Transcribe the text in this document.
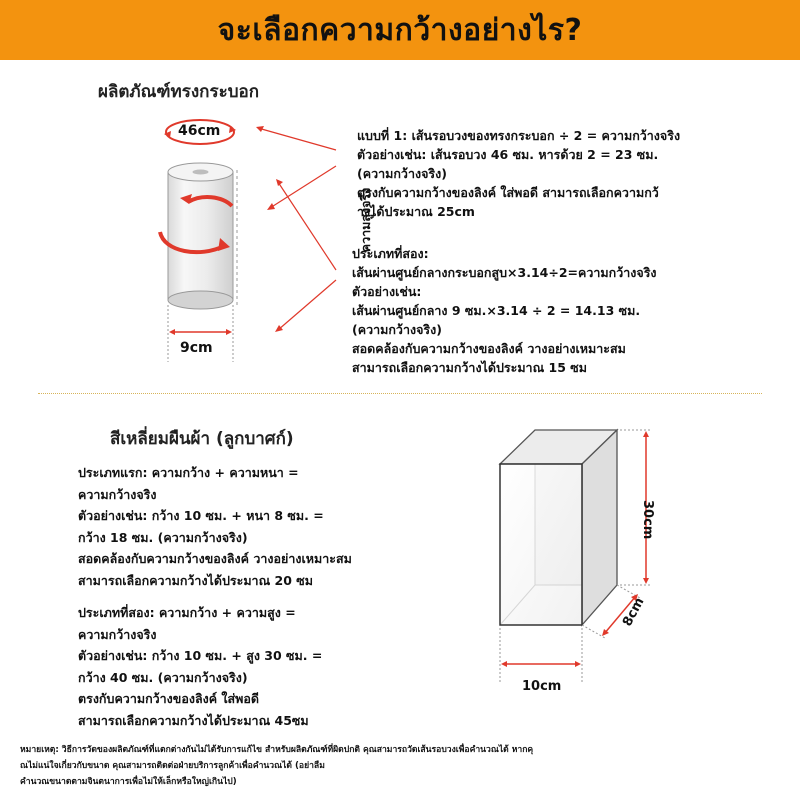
จะเลือกความกว้างอย่างไร?
ผลิตภัณฑ์ทรงกระบอก
46cm
9cm
ความสูงจริง
แบบที่ 1: เส้นรอบวงของทรงกระบอก ÷ 2 = ความกว้างจริง
ตัวอย่างเช่น: เส้นรอบวง 46 ซม. หารด้วย 2 = 23 ซม.
(ความกว้างจริง)
ตรงกับความกว้างของลิงค์ ใส่พอดี สามารถเลือกความกว้
างได้ประมาณ 25cm
ประเภทที่สอง:
เส้นผ่านศูนย์กลางกระบอกสูบ×3.14÷2=ความกว้างจริง
ตัวอย่างเช่น:
เส้นผ่านศูนย์กลาง 9 ซม.×3.14 ÷ 2 = 14.13 ซม.
(ความกว้างจริง)
สอดคล้องกับความกว้างของลิงค์ วางอย่างเหมาะสม
สามารถเลือกความกว้างได้ประมาณ 15 ซม
สีเหลี่ยมผืนผ้า (ลูกบาศก์)
ประเภทแรก: ความกว้าง + ความหนา =
ความกว้างจริง
ตัวอย่างเช่น: กว้าง 10 ซม. + หนา 8 ซม. =
กว้าง 18 ซม. (ความกว้างจริง)
สอดคล้องกับความกว้างของลิงค์ วางอย่างเหมาะสม
สามารถเลือกความกว้างได้ประมาณ 20 ซม
ประเภทที่สอง: ความกว้าง + ความสูง =
ความกว้างจริง
ตัวอย่างเช่น: กว้าง 10 ซม. + สูง 30 ซม. =
กว้าง 40 ซม. (ความกว้างจริง)
ตรงกับความกว้างของลิงค์ ใส่พอดี
สามารถเลือกความกว้างได้ประมาณ 45ซม
30cm
8cm
10cm
หมายเหตุ: วิธีการวัดของผลิตภัณฑ์ที่แตกต่างกันไม่ได้รับการแก้ไข สำหรับผลิตภัณฑ์ที่ผิดปกติ คุณสามารถวัดเส้นรอบวงเพื่อคำนวณได้ หากคุ
ณไม่แน่ใจเกี่ยวกับขนาด คุณสามารถติดต่อฝ่ายบริการลูกค้าเพื่อคำนวณได้ (อย่าลืม
คำนวณขนาดตามจินตนาการเพื่อไม่ให้เล็กหรือใหญ่เกินไป)
